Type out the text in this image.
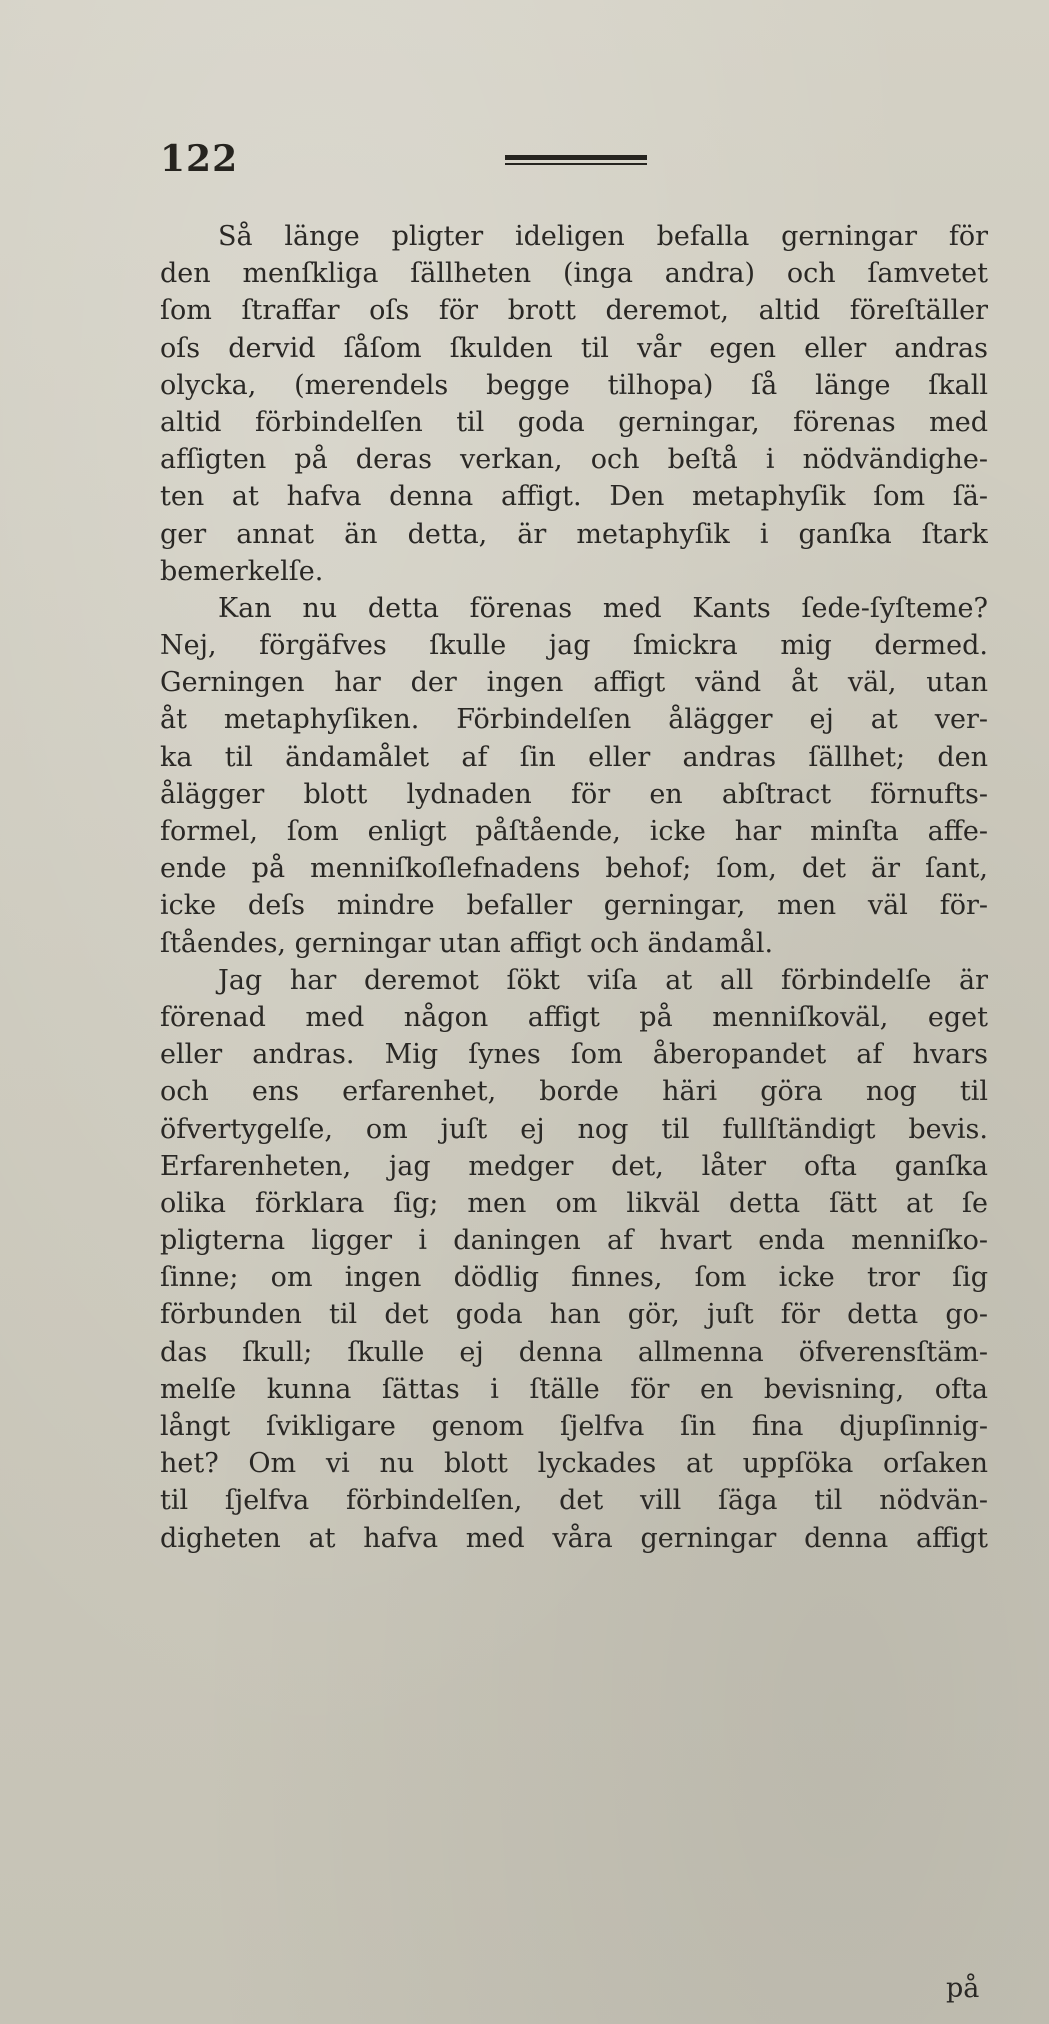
122
Så länge pligter ideligen befalla gerningar för
den menſkliga ſällheten (inga andra) och ſamvetet
ſom ſtraffar oſs för brott deremot, altid föreſtäller
oſs dervid ſåſom ſkulden til vår egen eller andras
olycka, (merendels begge tilhopa) ſå länge ſkall
altid förbindelſen til goda gerningar, förenas med
afſigten på deras verkan, och beſtå i nödvändighe-
ten at hafva denna affigt. Den metaphyſik ſom ſä-
ger annat än detta, är metaphyſik i ganſka ſtark
bemerkelſe.
Kan nu detta förenas med Kants ſede-ſyſteme?
Nej, förgäfves ſkulle jag ſmickra mig dermed.
Gerningen har der ingen affigt vänd åt väl, utan
åt metaphyſiken. Förbindelſen ålägger ej at ver-
ka til ändamålet af ſin eller andras ſällhet; den
ålägger blott lydnaden för en abſtract förnufts-
formel, ſom enligt påſtående, icke har minſta affe-
ende på menniſkoſlefnadens behof; ſom, det är ſant,
icke deſs mindre befaller gerningar, men väl för-
ſtåendes, gerningar utan affigt och ändamål.
Jag har deremot ſökt viſa at all förbindelſe är
förenad med någon affigt på menniſkoväl, eget
eller andras. Mig ſynes ſom åberopandet af hvars
och ens erfarenhet, borde häri göra nog til
öfvertygelſe, om juſt ej nog til fullſtändigt bevis.
Erfarenheten, jag medger det, låter ofta ganſka
olika förklara ſig; men om likväl detta ſätt at ſe
pligterna ligger i daningen af hvart enda menniſko-
ſinne; om ingen dödlig finnes, ſom icke tror ſig
förbunden til det goda han gör, juſt för detta go-
das ſkull; ſkulle ej denna allmenna öfverensſtäm-
melſe kunna ſättas i ſtälle för en bevisning, ofta
långt ſvikligare genom ſjelfva ſin fina djupſinnig-
het? Om vi nu blott lyckades at uppſöka orſaken
til ſjelfva förbindelſen, det vill ſäga til nödvän-
digheten at hafva med våra gerningar denna affigt
på
